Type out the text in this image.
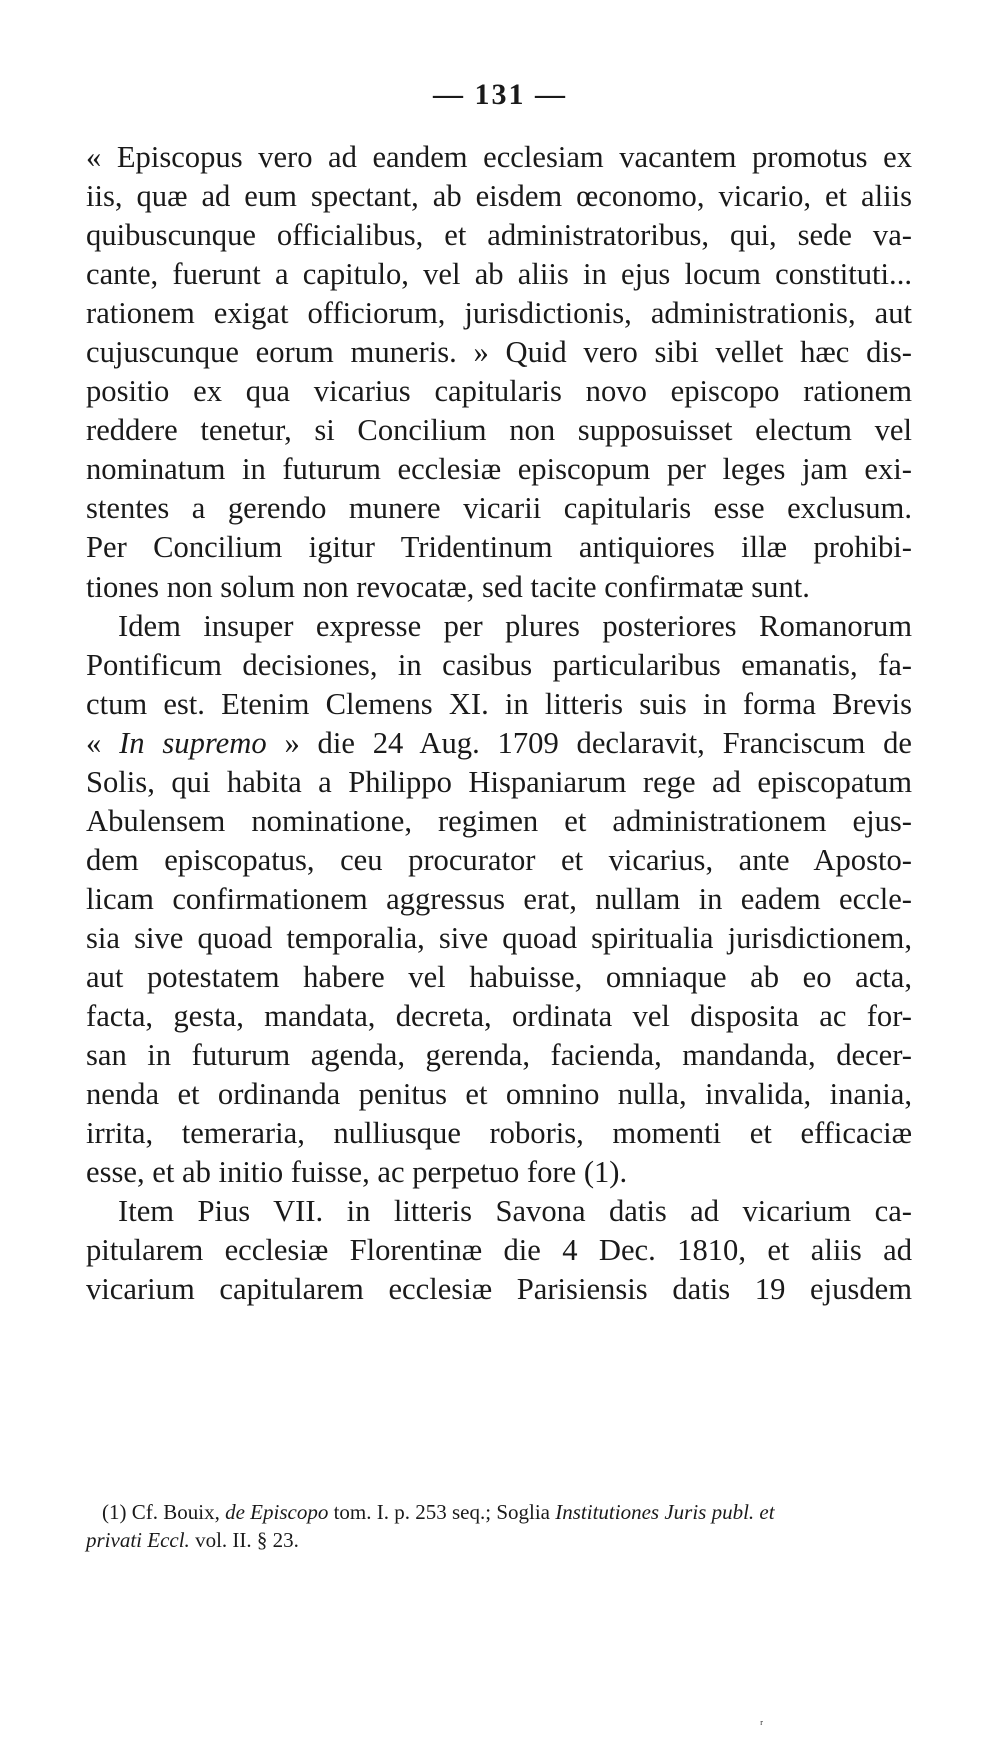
— 131 —
« Episcopus vero ad eandem ecclesiam vacantem promotus ex
iis, quæ ad eum spectant, ab eisdem œconomo, vicario, et aliis
quibuscunque officialibus, et administratoribus, qui, sede va-
cante, fuerunt a capitulo, vel ab aliis in ejus locum constituti...
rationem exigat officiorum, jurisdictionis, administrationis, aut
cujuscunque eorum muneris. » Quid vero sibi vellet hæc dis-
positio ex qua vicarius capitularis novo episcopo rationem
reddere tenetur, si Concilium non supposuisset electum vel
nominatum in futurum ecclesiæ episcopum per leges jam exi-
stentes a gerendo munere vicarii capitularis esse exclusum.
Per Concilium igitur Tridentinum antiquiores illæ prohibi-
tiones non solum non revocatæ, sed tacite confirmatæ sunt.
Idem insuper expresse per plures posteriores Romanorum
Pontificum decisiones, in casibus particularibus emanatis, fa-
ctum est. Etenim Clemens XI. in litteris suis in forma Brevis
« In supremo » die 24 Aug. 1709 declaravit, Franciscum de
Solis, qui habita a Philippo Hispaniarum rege ad episcopatum
Abulensem nominatione, regimen et administrationem ejus-
dem episcopatus, ceu procurator et vicarius, ante Aposto-
licam confirmationem aggressus erat, nullam in eadem eccle-
sia sive quoad temporalia, sive quoad spiritualia jurisdictionem,
aut potestatem habere vel habuisse, omniaque ab eo acta,
facta, gesta, mandata, decreta, ordinata vel disposita ac for-
san in futurum agenda, gerenda, facienda, mandanda, decer-
nenda et ordinanda penitus et omnino nulla, invalida, inania,
irrita, temeraria, nulliusque roboris, momenti et efficaciæ
esse, et ab initio fuisse, ac perpetuo fore (1).
Item Pius VII. in litteris Savona datis ad vicarium ca-
pitularem ecclesiæ Florentinæ die 4 Dec. 1810, et aliis ad
vicarium capitularem ecclesiæ Parisiensis datis 19 ejusdem
(1) Cf. Bouix, de Episcopo tom. I. p. 253 seq.; Soglia Institutiones Juris publ. et
privati Eccl. vol. II. § 23.
ʳ
